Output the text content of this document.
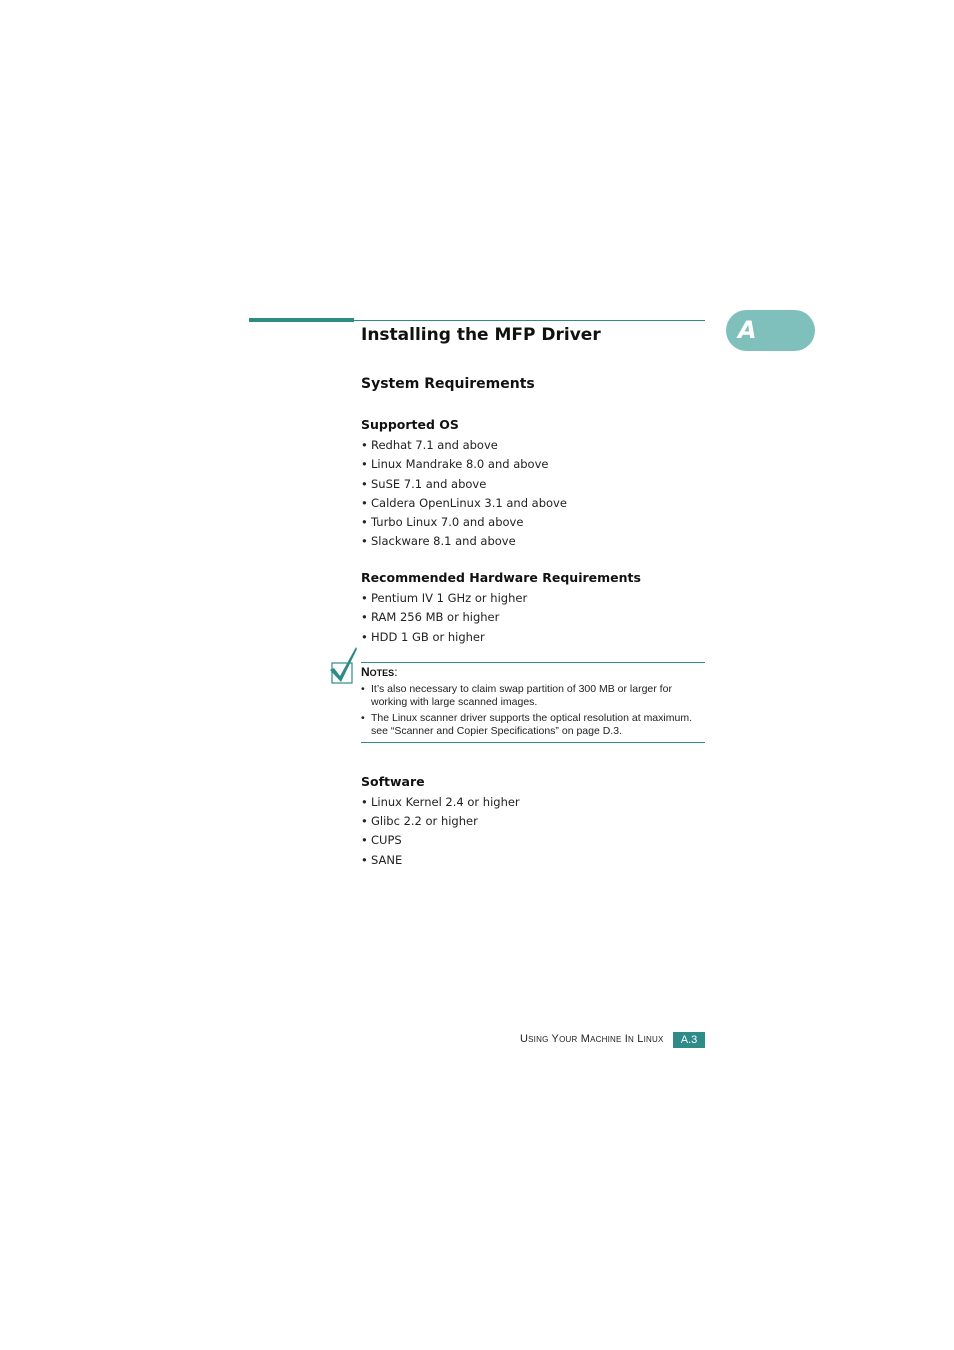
A
Installing the MFP Driver
System Requirements
Supported OS
• Redhat 7.1 and above
• Linux Mandrake 8.0 and above
• SuSE 7.1 and above
• Caldera OpenLinux 3.1 and above
• Turbo Linux 7.0 and above
• Slackware 8.1 and above
Recommended Hardware Requirements
• Pentium IV 1 GHz or higher
• RAM 256 MB or higher
• HDD 1 GB or higher
NOTES:
• It’s also necessary to claim swap partition of 300 MB or larger for working with large scanned images.
• The Linux scanner driver supports the optical resolution at maximum. see “Scanner and Copier Specifications” on page D.3.
Software
• Linux Kernel 2.4 or higher
• Glibc 2.2 or higher
• CUPS
• SANE
Using Your Machine In Linux	A.3
